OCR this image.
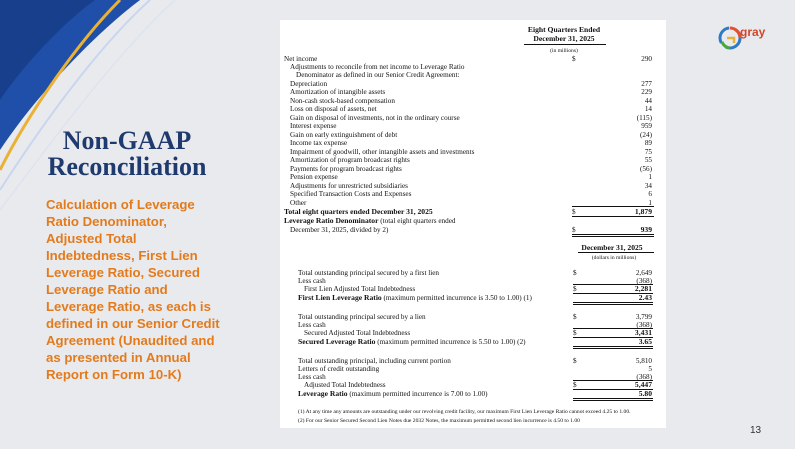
Non-GAAP
Reconciliation
Calculation of Leverage Ratio Denominator, Adjusted Total Indebtedness, First Lien Leverage Ratio, Secured Leverage Ratio and Leverage Ratio, as each is defined in our Senior Credit Agreement (Unaudited and as presented in Annual Report on Form 10-K)
gray
13
Eight Quarters Ended
December 31, 2025
(in millions)
Net income	$	290
Adjustments to reconcile from net income to Leverage Ratio
Denominator as defined in our Senior Credit Agreement:
Depreciation	277
Amortization of intangible assets	229
Non-cash stock-based compensation	44
Loss on disposal of assets, net	14
Gain on disposal of investments, not in the ordinary course	(115)
Interest expense	959
Gain on early extinguishment of debt	(24)
Income tax expense	89
Impairment of goodwill, other intangible assets and investments	75
Amortization of program broadcast rights	55
Payments for program broadcast rights	(56)
Pension expense	1
Adjustments for unrestricted subsidiaries	34
Specified Transaction Costs and Expenses	6
Other	1
Total eight quarters ended December 31, 2025	$	1,879
Leverage Ratio Denominator (total eight quarters ended
December 31, 2025, divided by 2)	$	939
December 31, 2025
(dollars in millions)
Total outstanding principal secured by a first lien	$	2,649
Less cash	(368)
First Lien Adjusted Total Indebtedness	$	2,281
First Lien Leverage Ratio (maximum permitted incurrence is 3.50 to 1.00) (1)	2.43
Total outstanding principal secured by a lien	$	3,799
Less cash	(368)
Secured Adjusted Total Indebtedness	$	3,431
Secured Leverage Ratio (maximum permitted incurrence is 5.50 to 1.00) (2)	3.65
Total outstanding principal, including current portion	$	5,810
Letters of credit outstanding	5
Less cash	(368)
Adjusted Total Indebtedness	$	5,447
Leverage Ratio (maximum permitted incurrence is 7.00 to 1.00)	5.80
(1) At any time any amounts are outstanding under our revolving credit facility, our maximum First Lien Leverage Ratio cannot exceed 4.25 to 1.00.
(2) For our Senior Secured Second Lien Notes due 2032 Notes, the maximum permitted second lien incurrence is 4.50 to 1.00
